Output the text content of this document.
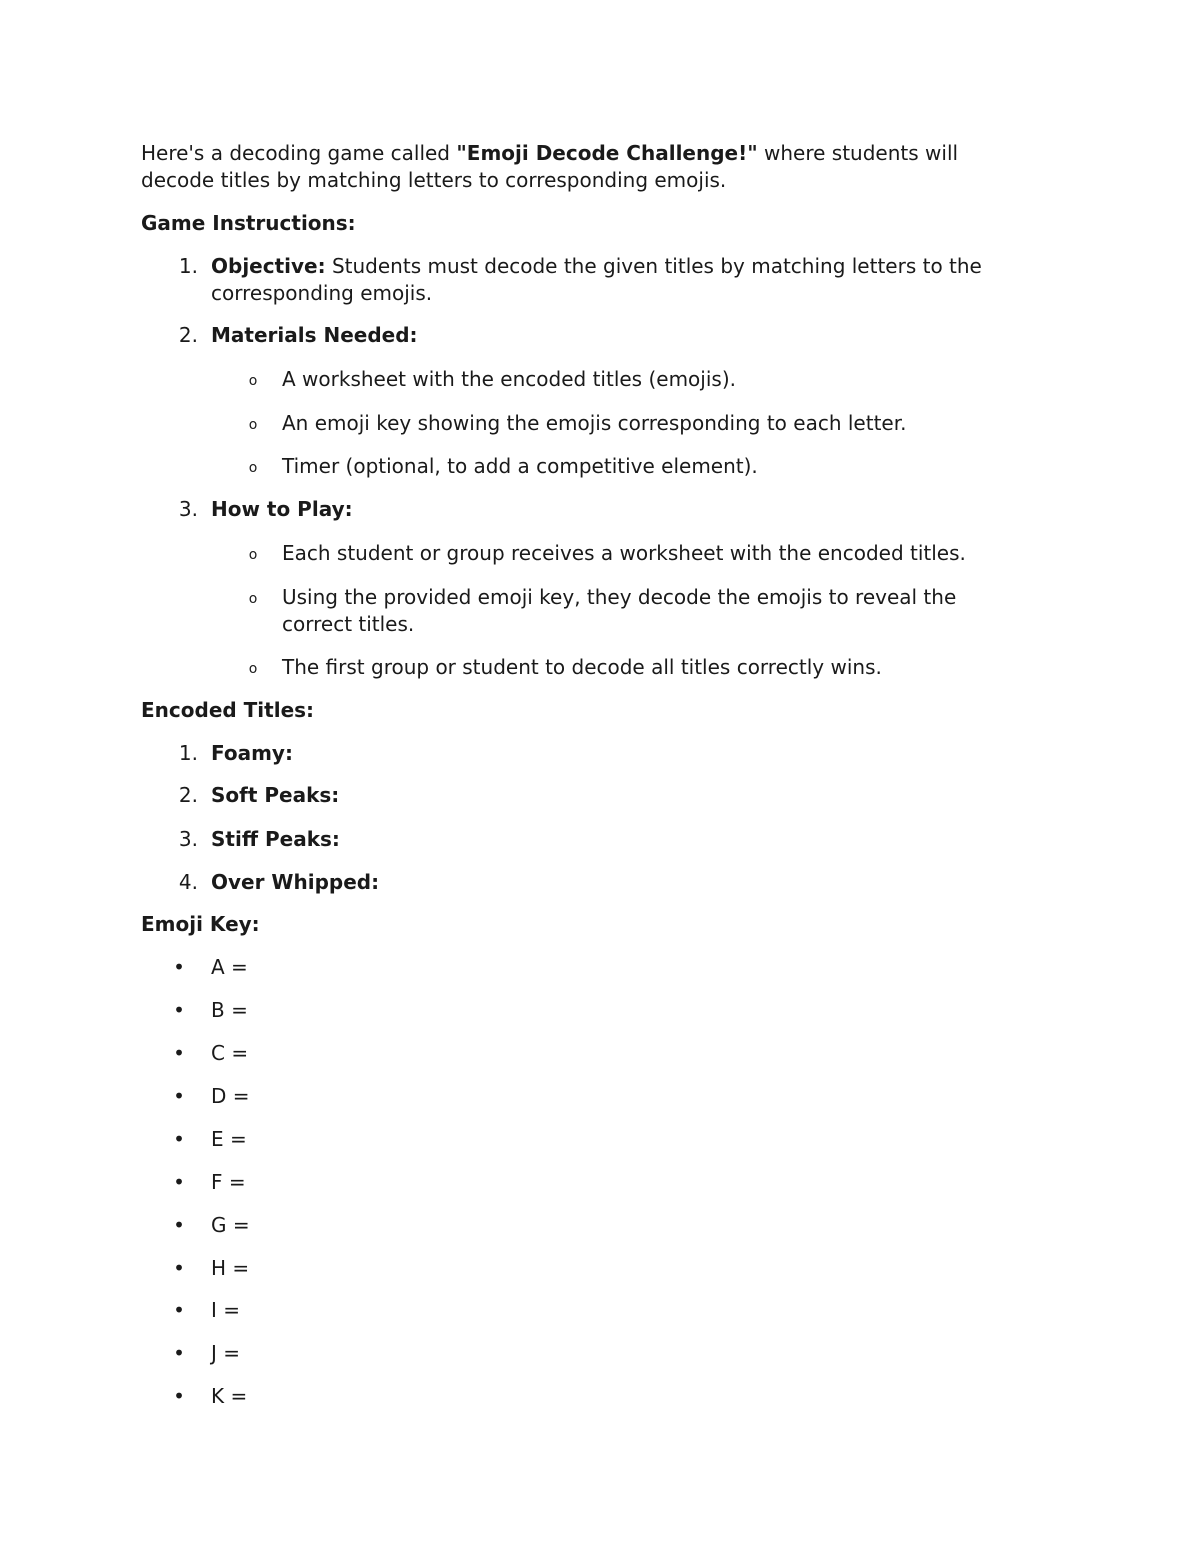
Here's a decoding game called "Emoji Decode Challenge!" where students will
decode titles by matching letters to corresponding emojis.
Game Instructions:
1. Objective: Students must decode the given titles by matching letters to the
corresponding emojis.
2. Materials Needed:
o A worksheet with the encoded titles (emojis).
o An emoji key showing the emojis corresponding to each letter.
o Timer (optional, to add a competitive element).
3. How to Play:
o Each student or group receives a worksheet with the encoded titles.
o Using the provided emoji key, they decode the emojis to reveal the
correct titles.
o The first group or student to decode all titles correctly wins.
Encoded Titles:
1. Foamy:
2. Soft Peaks:
3. Stiff Peaks:
4. Over Whipped:
Emoji Key:
• A =
• B =
• C =
• D =
• E =
• F =
• G =
• H =
• I =
• J =
• K =
